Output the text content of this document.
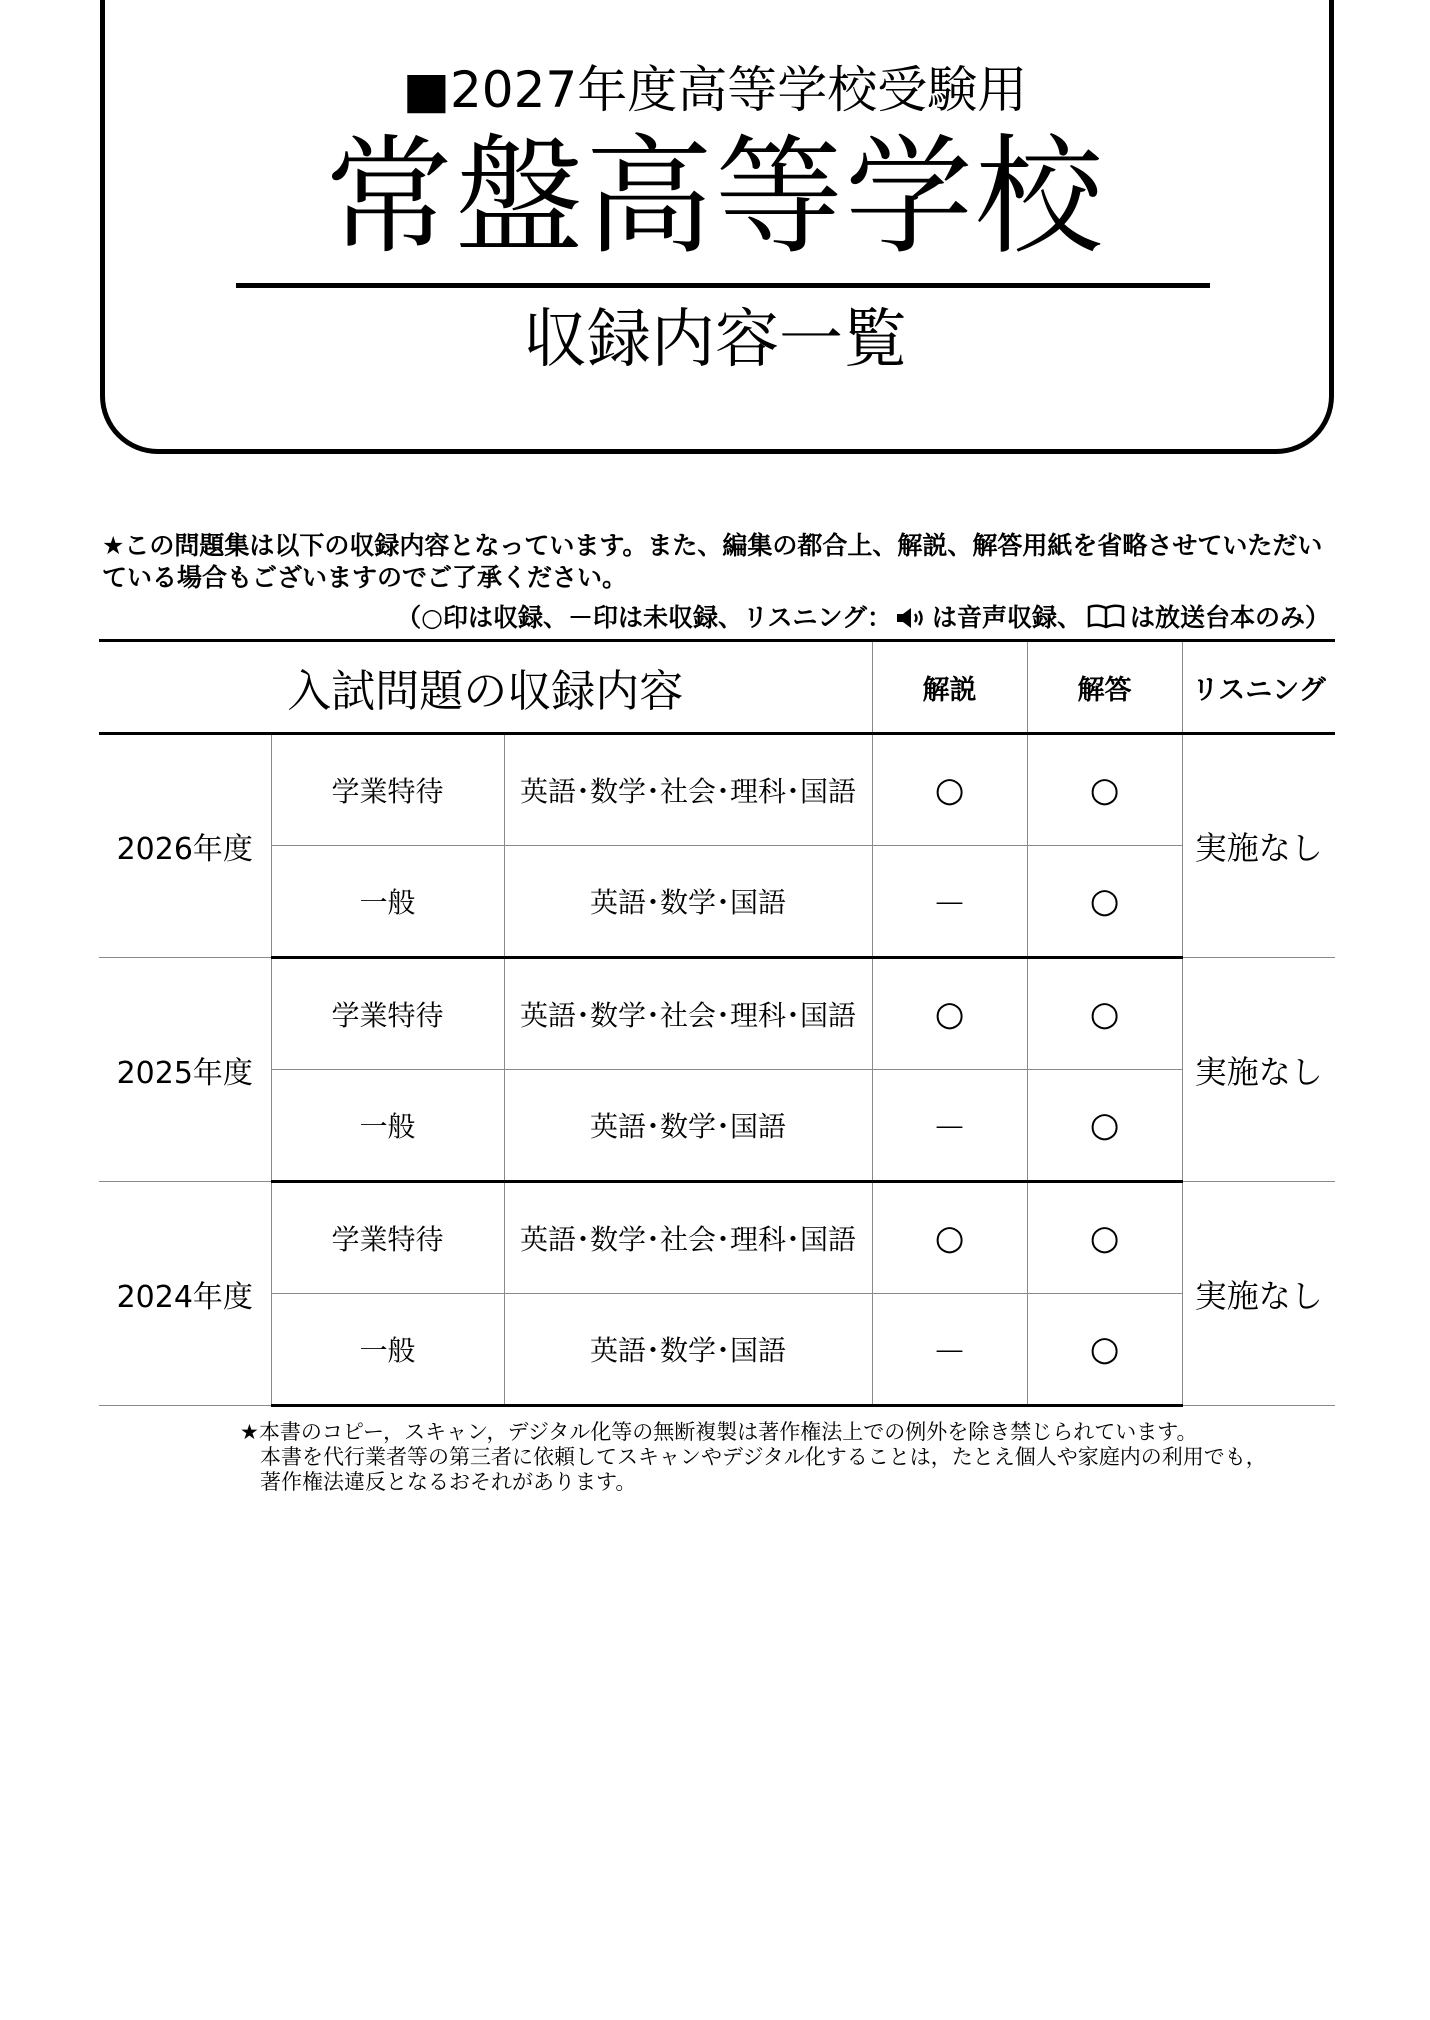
■2027年度高等学校受験用
常盤高等学校
収録内容一覧
★この問題集は以下の収録内容となっています。また、編集の都合上、解説、解答用紙を省略させていただいている場合もございますのでご了承ください。
（○印は収録、－印は未収録、リスニング： は音声収録、 は放送台本のみ）
入試問題の収録内容			解説	解答	リスニング
2026年度	学業特待	英語･数学･社会･理科･国語	○	○	実施なし
	一般	英語･数学･国語	－	○	
2025年度	学業特待	英語･数学･社会･理科･国語	○	○	実施なし
	一般	英語･数学･国語	－	○	
2024年度	学業特待	英語･数学･社会･理科･国語	○	○	実施なし
	一般	英語･数学･国語	－	○	

★本書のコピー，スキャン，デジタル化等の無断複製は著作権法上での例外を除き禁じられています。

本書を代行業者等の第三者に依頼してスキャンやデジタル化することは，たとえ個人や家庭内の利用でも，

著作権法違反となるおそれがあります。
